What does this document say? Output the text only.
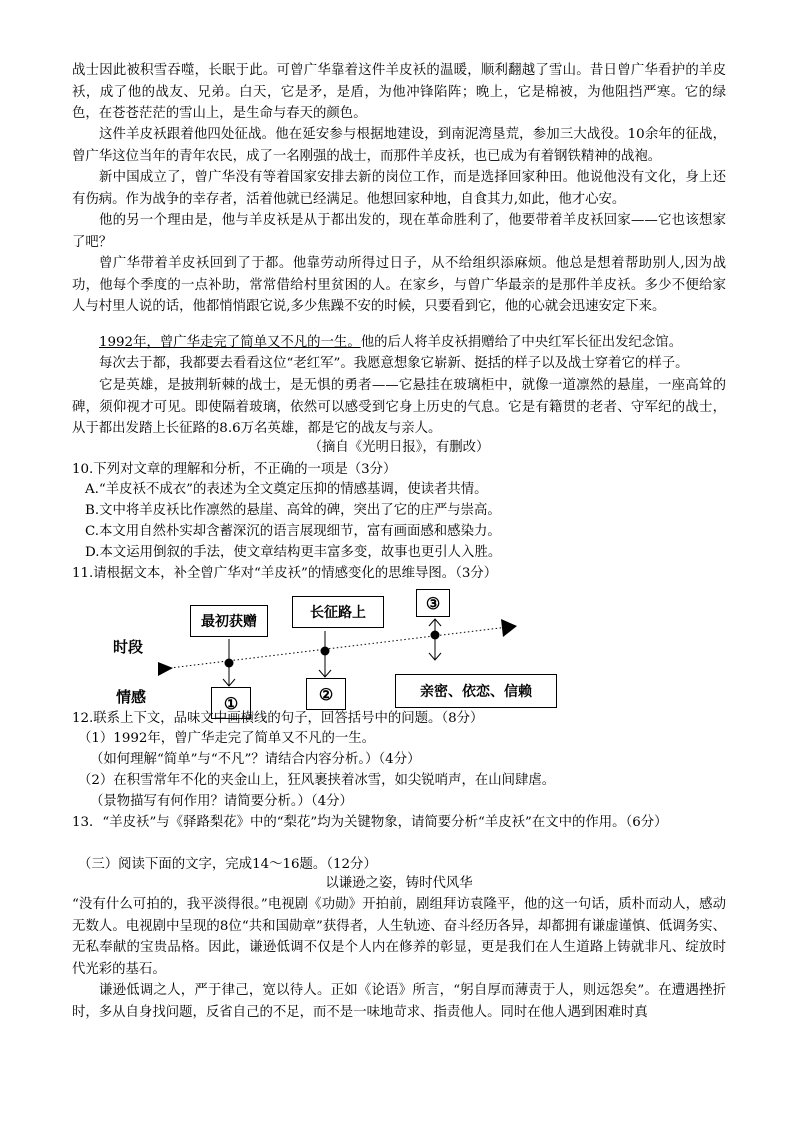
战士因此被积雪吞噬，长眠于此。可曾广华靠着这件羊皮袄的温暖，顺利翻越了雪山。昔日曾广华看护的羊皮袄，成了他的战友、兄弟。白天，它是矛，是盾，为他冲锋陷阵；晚上，它是棉被，为他阻挡严寒。它的绿色，在苍苍茫茫的雪山上，是生命与春天的颜色。

这件羊皮袄跟着他四处征战。他在延安参与根据地建设，到南泥湾垦荒，参加三大战役。10余年的征战，曾广华这位当年的青年农民，成了一名刚强的战士，而那件羊皮袄，也已成为有着钢铁精神的战袍。

新中国成立了，曾广华没有等着国家安排去新的岗位工作，而是选择回家种田。他说他没有文化，身上还有伤病。作为战争的幸存者，活着他就已经满足。他想回家种地，自食其力,如此，他才心安。

他的另一个理由是，他与羊皮袄是从于都出发的，现在革命胜利了，他要带着羊皮袄回家——它也该想家了吧？

曾广华带着羊皮袄回到了于都。他靠劳动所得过日子，从不给组织添麻烦。他总是想着帮助别人,因为战功，他每个季度的一点补助，常常借给村里贫困的人。在家乡，与曾广华最亲的是那件羊皮袄。多少不便给家人与村里人说的话，他都悄悄跟它说,多少焦躁不安的时候，只要看到它，他的心就会迅速安定下来。

1992年，曾广华走完了简单又不凡的一生。他的后人将羊皮袄捐赠给了中央红军长征出发纪念馆。

每次去于都，我都要去看看这位“老红军”。我愿意想象它崭新、挺括的样子以及战士穿着它的样子。

它是英雄，是披荆斩棘的战士，是无惧的勇者——它悬挂在玻璃柜中，就像一道凛然的悬崖，一座高耸的碑，须仰视才可见。即使隔着玻璃，依然可以感受到它身上历史的气息。它是有籍贯的老者、守军纪的战士，从于都出发踏上长征路的8.6万名英雄，都是它的战友与亲人。

（摘自《光明日报》，有删改）

10.下列对文章的理解和分析，不正确的一项是（3分）

A.“羊皮袄不成衣”的表述为全文奠定压抑的情感基调，使读者共情。

B.文中将羊皮袄比作凛然的悬崖、高耸的碑，突出了它的庄严与崇高。

C.本文用自然朴实却含蓄深沉的语言展现细节，富有画面感和感染力。

D.本文运用倒叙的手法，使文章结构更丰富多变，故事也更引人入胜。

11.请根据文本，补全曾广华对“羊皮袄”的情感变化的思维导图。（3分）

时段
情感
最初获赠
长征路上
③
①	②	亲密、依恋、信赖

12.联系上下文，品味文中画横线的句子，回答括号中的问题。（8分）

（1）1992年，曾广华走完了简单又不凡的一生。

（如何理解“简单”与“不凡”？请结合内容分析。）（4分）

（2）在积雪常年不化的夹金山上，狂风裹挟着冰雪，如尖锐哨声，在山间肆虐。

（景物描写有何作用？请简要分析。）（4分）

13．“羊皮袄”与《驿路梨花》中的“梨花”均为关键物象，请简要分析“羊皮袄”在文中的作用。（6分）

（三）阅读下面的文字，完成14～16题。（12分）

以谦逊之姿，铸时代风华

“没有什么可拍的，我平淡得很。”电视剧《功勋》开拍前，剧组拜访袁隆平，他的这一句话，质朴而动人，感动无数人。电视剧中呈现的8位“共和国勋章”获得者，人生轨迹、奋斗经历各异，却都拥有谦虚谨慎、低调务实、无私奉献的宝贵品格。因此，谦逊低调不仅是个人内在修养的彰显，更是我们在人生道路上铸就非凡、绽放时代光彩的基石。

谦逊低调之人，严于律己，宽以待人。正如《论语》所言，“躬自厚而薄责于人，则远怨矣”。在遭遇挫折时，多从自身找问题，反省自己的不足，而不是一味地苛求、指责他人。同时在他人遇到困难时真
